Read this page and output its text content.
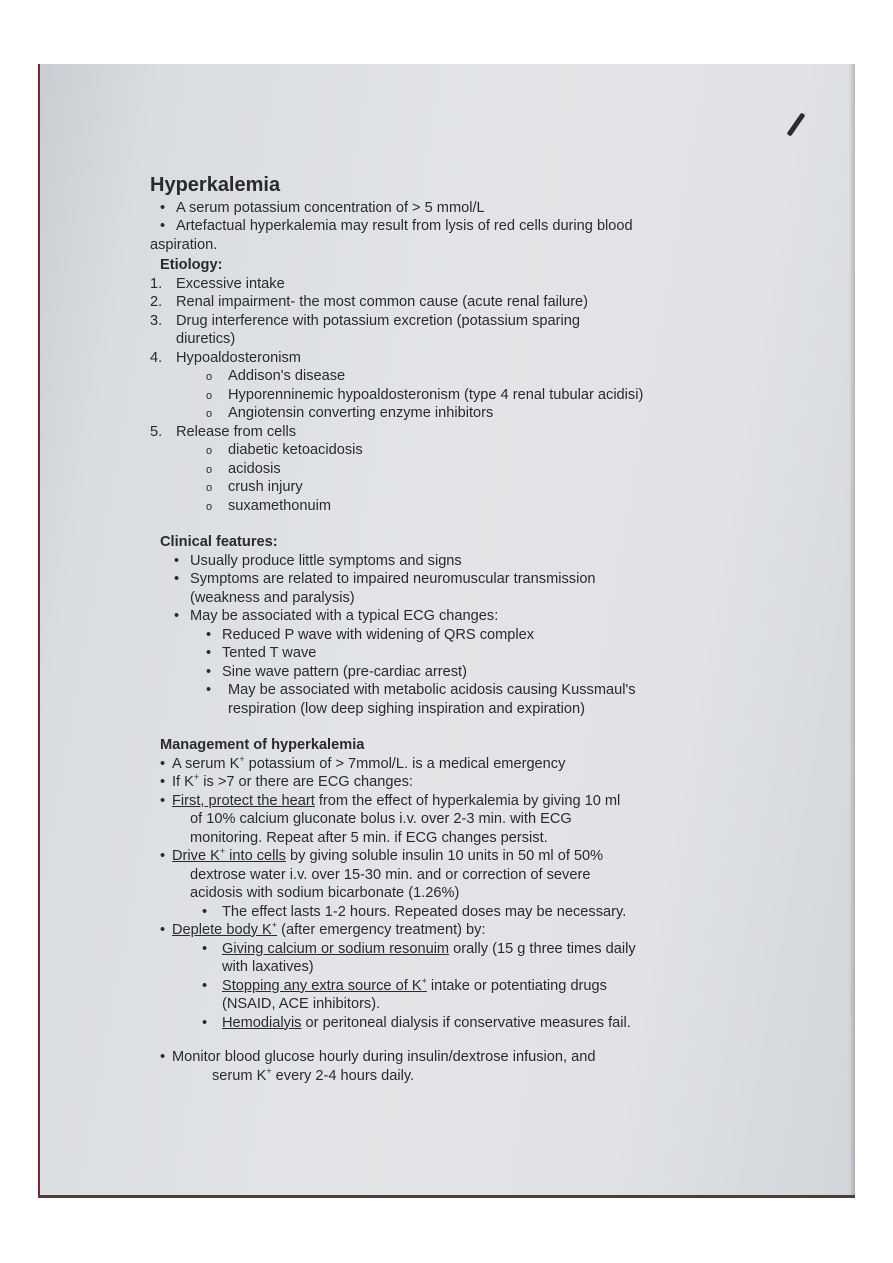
Hyperkalemia
• A serum potassium concentration of > 5 mmol/L
• Artefactual hyperkalemia may result from lysis of red cells during blood
aspiration.
Etiology:
1. Excessive intake
2. Renal impairment- the most common cause (acute renal failure)
3. Drug interference with potassium excretion (potassium sparing
diuretics)
4. Hypoaldosteronism
o Addison's disease
o Hyporenninemic hypoaldosteronism (type 4 renal tubular acidisi)
o Angiotensin converting enzyme inhibitors
5. Release from cells
o diabetic ketoacidosis
o acidosis
o crush injury
o suxamethonuim
Clinical features:
• Usually produce little symptoms and signs
• Symptoms are related to impaired neuromuscular transmission
(weakness and paralysis)
• May be associated with a typical ECG changes:
• Reduced P wave with widening of QRS complex
• Tented T wave
• Sine wave pattern (pre-cardiac arrest)
• May be associated with metabolic acidosis causing Kussmaul's
respiration (low deep sighing inspiration and expiration)
Management of hyperkalemia
• A serum K+ potassium of > 7mmol/L. is a medical emergency
• If K+ is >7 or there are ECG changes:
• First, protect the heart from the effect of hyperkalemia by giving 10 ml
of 10% calcium gluconate bolus i.v. over 2-3 min. with ECG
monitoring. Repeat after 5 min. if ECG changes persist.
• Drive K+ into cells by giving soluble insulin 10 units in 50 ml of 50%
dextrose water i.v. over 15-30 min. and or correction of severe
acidosis with sodium bicarbonate (1.26%)
• The effect lasts 1-2 hours. Repeated doses may be necessary.
• Deplete body K+ (after emergency treatment) by:
• Giving calcium or sodium resonuim orally (15 g three times daily
with laxatives)
• Stopping any extra source of K+ intake or potentiating drugs
(NSAID, ACE inhibitors).
• Hemodialyis or peritoneal dialysis if conservative measures fail.
• Monitor blood glucose hourly during insulin/dextrose infusion, and
serum K+ every 2-4 hours daily.
